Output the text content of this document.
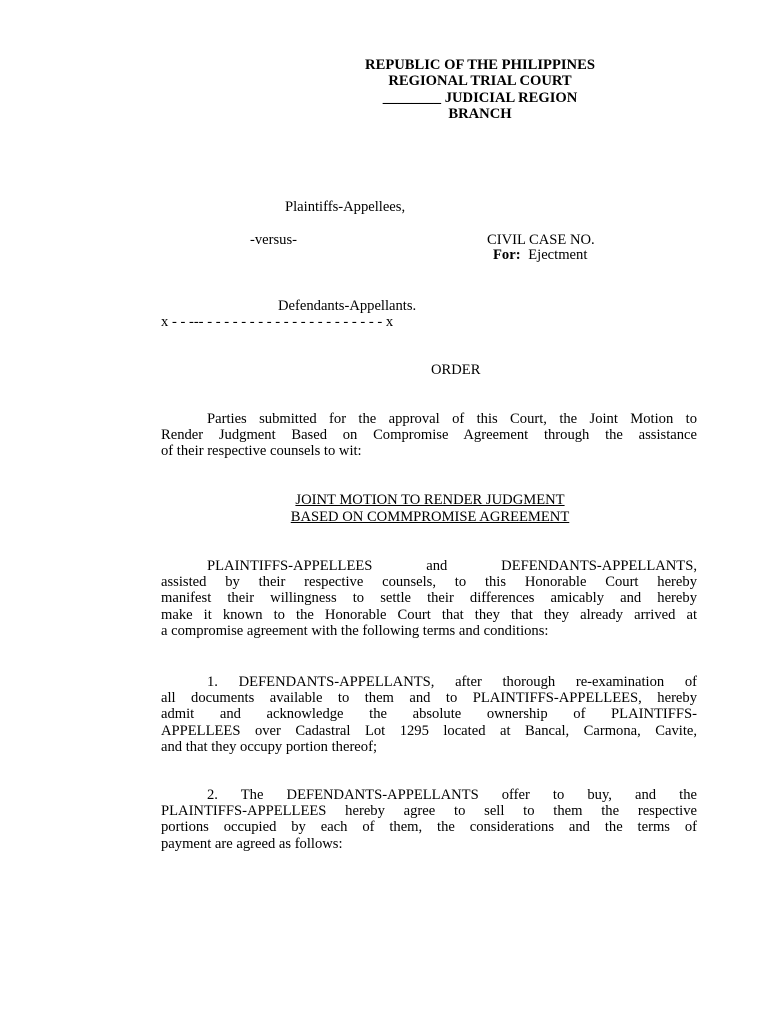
REPUBLIC OF THE PHILIPPINES
REGIONAL TRIAL COURT
________ JUDICIAL REGION
BRANCH
Plaintiffs-Appellees,
-versus-	CIVIL CASE NO.
For: Ejectment
Defendants-Appellants.
x - - --- - - - - - - - - - - - - - - - - - - - - - x
ORDER
Parties submitted for the approval of this Court, the Joint Motion to
Render Judgment Based on Compromise Agreement through the assistance
of their respective counsels to wit:
JOINT MOTION TO RENDER JUDGMENT
BASED ON COMMPROMISE AGREEMENT
PLAINTIFFS-APPELLEES and DEFENDANTS-APPELLANTS,
assisted by their respective counsels, to this Honorable Court hereby
manifest their willingness to settle their differences amicably and hereby
make it known to the Honorable Court that they that they already arrived at
a compromise agreement with the following terms and conditions:
1. DEFENDANTS-APPELLANTS, after thorough re-examination of
all documents available to them and to PLAINTIFFS-APPELLEES, hereby
admit and acknowledge the absolute ownership of PLAINTIFFS-
APPELLEES over Cadastral Lot 1295 located at Bancal, Carmona, Cavite,
and that they occupy portion thereof;
2. The DEFENDANTS-APPELLANTS offer to buy, and the
PLAINTIFFS-APPELLEES hereby agree to sell to them the respective
portions occupied by each of them, the considerations and the terms of
payment are agreed as follows:
